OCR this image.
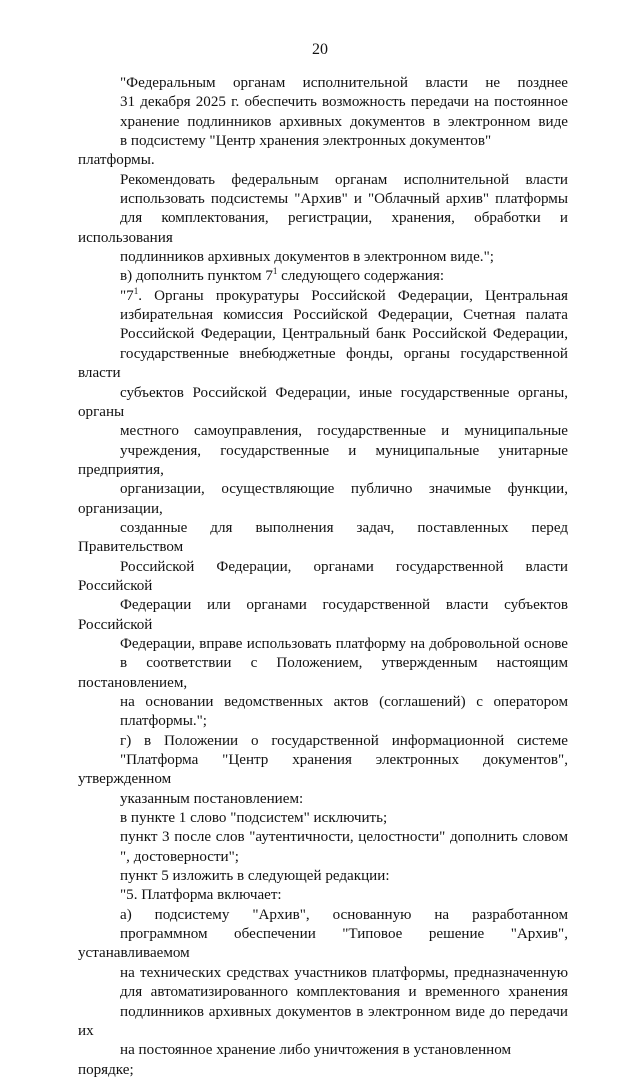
20

"Федеральным органам исполнительной власти не позднее
31 декабря 2025 г. обеспечить возможность передачи на постоянное
хранение подлинников архивных документов в электронном виде
в подсистему "Центр хранения электронных документов" платформы.

Рекомендовать федеральным органам исполнительной власти
использовать подсистемы "Архив" и "Облачный архив" платформы
для комплектования, регистрации, хранения, обработки и использования
подлинников архивных документов в электронном виде.";

в) дополнить пунктом $7^1$ следующего содержания:

"$7^1$. Органы прокуратуры Российской Федерации, Центральная
избирательная комиссия Российской Федерации, Счетная палата
Российской Федерации, Центральный банк Российской Федерации,
государственные внебюджетные фонды, органы государственной власти
субъектов Российской Федерации, иные государственные органы, органы
местного самоуправления, государственные и муниципальные
учреждения, государственные и муниципальные унитарные предприятия,
организации, осуществляющие публично значимые функции, организации,
созданные для выполнения задач, поставленных перед Правительством
Российской Федерации, органами государственной власти Российской
Федерации или органами государственной власти субъектов Российской
Федерации, вправе использовать платформу на добровольной основе
в соответствии с Положением, утвержденным настоящим постановлением,
на основании ведомственных актов (соглашений) с оператором
платформы.";

г) в Положении о государственной информационной системе
"Платформа "Центр хранения электронных документов", утвержденном
указанным постановлением:

в пункте 1 слово "подсистем" исключить;

пункт 3 после слов "аутентичности, целостности" дополнить словом
", достоверности";

пункт 5 изложить в следующей редакции:

"5. Платформа включает:

а) подсистему "Архив", основанную на разработанном
программном обеспечении "Типовое решение "Архив", устанавливаемом
на технических средствах участников платформы, предназначенную
для автоматизированного комплектования и временного хранения
подлинников архивных документов в электронном виде до передачи их
на постоянное хранение либо уничтожения в установленном порядке;
